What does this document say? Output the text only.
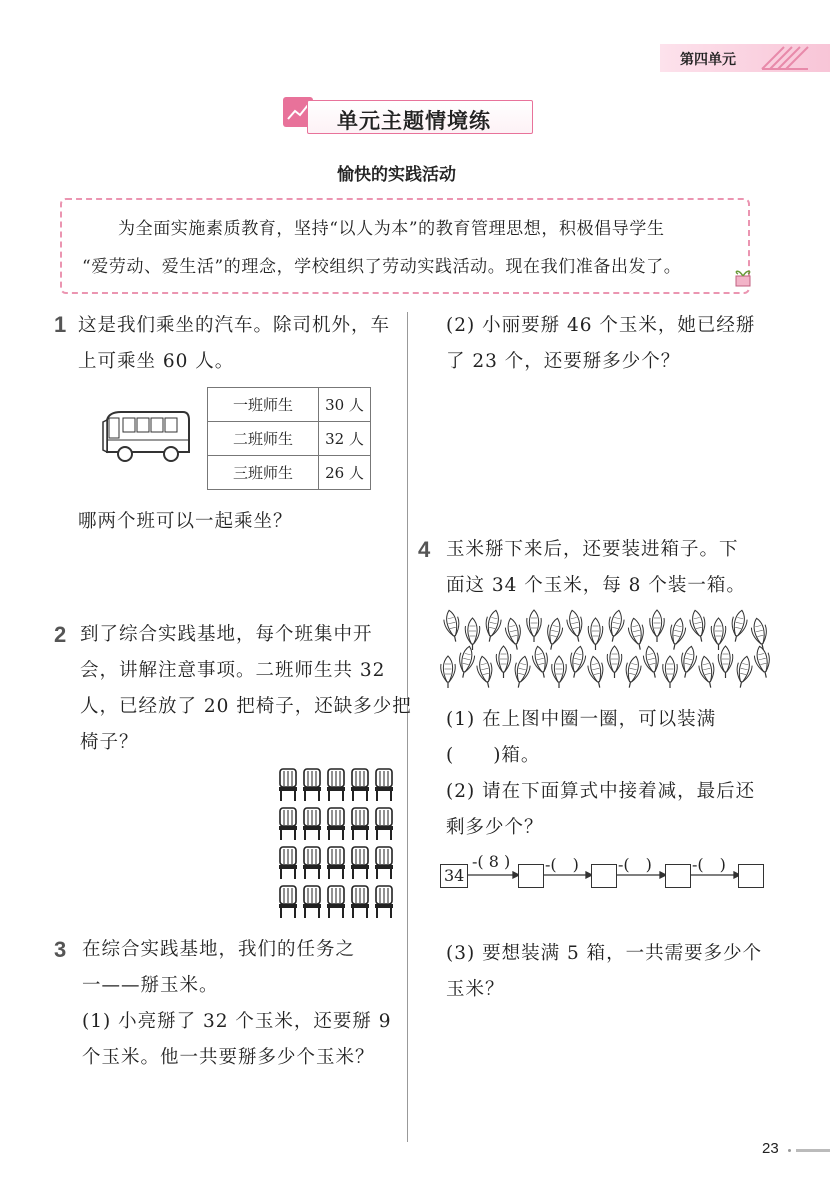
第四单元
单元主题情境练
愉快的实践活动
为全面实施素质教育，坚持“以人为本”的教育管理思想，积极倡导学生
“爱劳动、爱生活”的理念，学校组织了劳动实践活动。现在我们准备出发了。
1 这是我们乘坐的汽车。除司机外，车
上可乘坐 60 人。
一班师生	30 人
二班师生	32 人
三班师生	26 人
哪两个班可以一起乘坐？
2 到了综合实践基地，每个班集中开
会，讲解注意事项。二班师生共 32
人，已经放了 20 把椅子，还缺多少把
椅子？
3 在综合实践基地，我们的任务之
一——掰玉米。
(1) 小亮掰了 32 个玉米，还要掰 9
个玉米。他一共要掰多少个玉米？
(2) 小丽要掰 46 个玉米，她已经掰
了 23 个，还要掰多少个？
4 玉米掰下来后，还要装进箱子。下
面这 34 个玉米，每 8 个装一箱。
(1) 在上图中圈一圈，可以装满
(　　)箱。
(2) 请在下面算式中接着减，最后还
剩多少个？
34
-( 8 ) -(　) -(　)	-(　)
(3) 要想装满 5 箱，一共需要多少个
玉米？
23
